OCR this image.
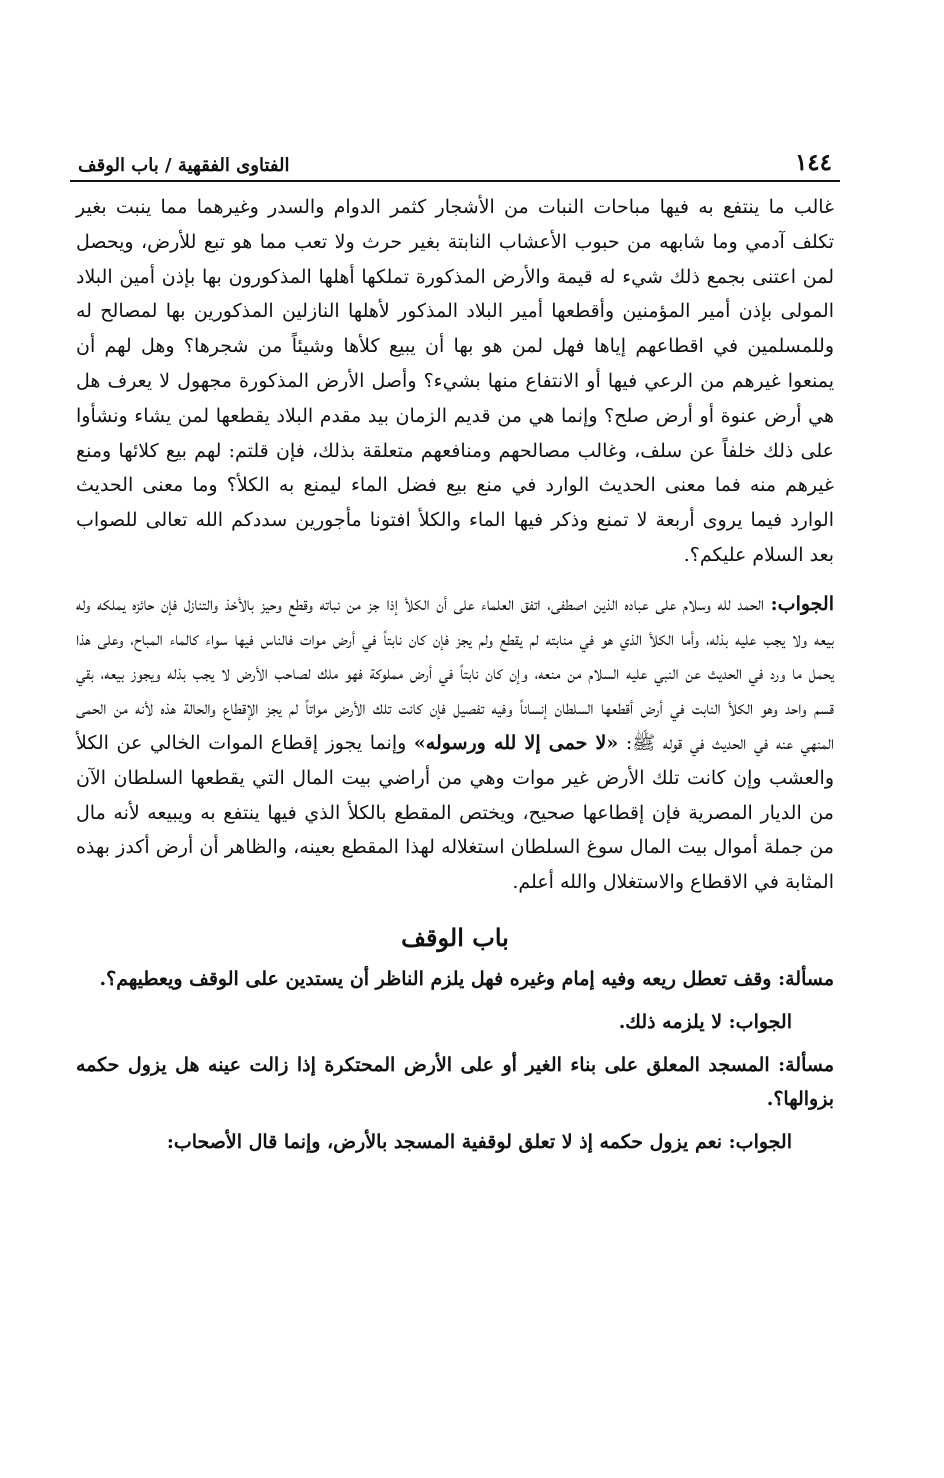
١٤٤
الفتاوى الفقهية / باب الوقف

غالب ما ينتفع به فيها مباحات النبات من الأشجار كثمر الدوام والسدر وغيرهما مما ينبت بغير تكلف آدمي وما شابهه من حبوب الأعشاب النابتة بغير حرث ولا تعب مما هو تبع للأرض، ويحصل لمن اعتنى بجمع ذلك شيء له قيمة والأرض المذكورة تملكها أهلها المذكورون بها بإذن أمين البلاد المولى بإذن أمير المؤمنين وأقطعها أمير البلاد المذكور لأهلها النازلين المذكورين بها لمصالح له وللمسلمين في اقطاعهم إياها فهل لمن هو بها أن يبيع كلأها وشيئاً من شجرها؟ وهل لهم أن يمنعوا غيرهم من الرعي فيها أو الانتفاع منها بشيء؟ وأصل الأرض المذكورة مجهول لا يعرف هل هي أرض عنوة أو أرض صلح؟ وإنما هي من قديم الزمان بيد مقدم البلاد يقطعها لمن يشاء ونشأوا على ذلك خلفاً عن سلف، وغالب مصالحهم ومنافعهم متعلقة بذلك، فإن قلتم: لهم بيع كلائها ومنع غيرهم منه فما معنى الحديث الوارد في منع بيع فضل الماء ليمنع به الكلأ؟ وما معنى الحديث الوارد فيما يروى أربعة لا تمنع وذكر فيها الماء والكلأ افتونا مأجورين سددكم الله تعالى للصواب بعد السلام عليكم؟.

الجواب: الحمد لله وسلام على عباده الذين اصطفى، اتفق العلماء على أن الكلأ إذا جز من نباته وقطع وحيز بالأخذ والتنازل فإن حائزه يملكه وله بيعه ولا يجب عليه بذله، وأما الكلأ الذي هو في منابته لم يقطع ولم يجز فإن كان نابتاً في أرض موات فالناس فيها سواء كالماء المباح، وعلى هذا يحمل ما ورد في الحديث عن النبي عليه السلام من منعه، وإن كان نابتاً في أرض مملوكة فهو ملك لصاحب الأرض لا يجب بذله ويجوز بيعه، بقي قسم واحد وهو الكلأ النابت في أرض أقطعها السلطان إنساناً وفيه تفصيل فإن كانت تلك الأرض مواتاً لم يجز الإقطاع والحالة هذه لأنه من الحمى المنهي عنه في الحديث في قوله ﷺ: «لا حمى إلا لله ورسوله» وإنما يجوز إقطاع الموات الخالي عن الكلأ والعشب وإن كانت تلك الأرض غير موات وهي من أراضي بيت المال التي يقطعها السلطان الآن من الديار المصرية فإن إقطاعها صحيح، ويختص المقطع بالكلأ الذي فيها ينتفع به ويبيعه لأنه مال من جملة أموال بيت المال سوغ السلطان استغلاله لهذا المقطع بعينه، والظاهر أن أرض أكدز بهذه المثابة في الاقطاع والاستغلال والله أعلم.

باب الوقف

مسألة: وقف تعطل ريعه وفيه إمام وغيره فهل يلزم الناظر أن يستدين على الوقف ويعطيهم؟.

الجواب: لا يلزمه ذلك.

مسألة: المسجد المعلق على بناء الغير أو على الأرض المحتكرة إذا زالت عينه هل يزول حكمه بزوالها؟.

الجواب: نعم يزول حكمه إذ لا تعلق لوقفية المسجد بالأرض، وإنما قال الأصحاب:
